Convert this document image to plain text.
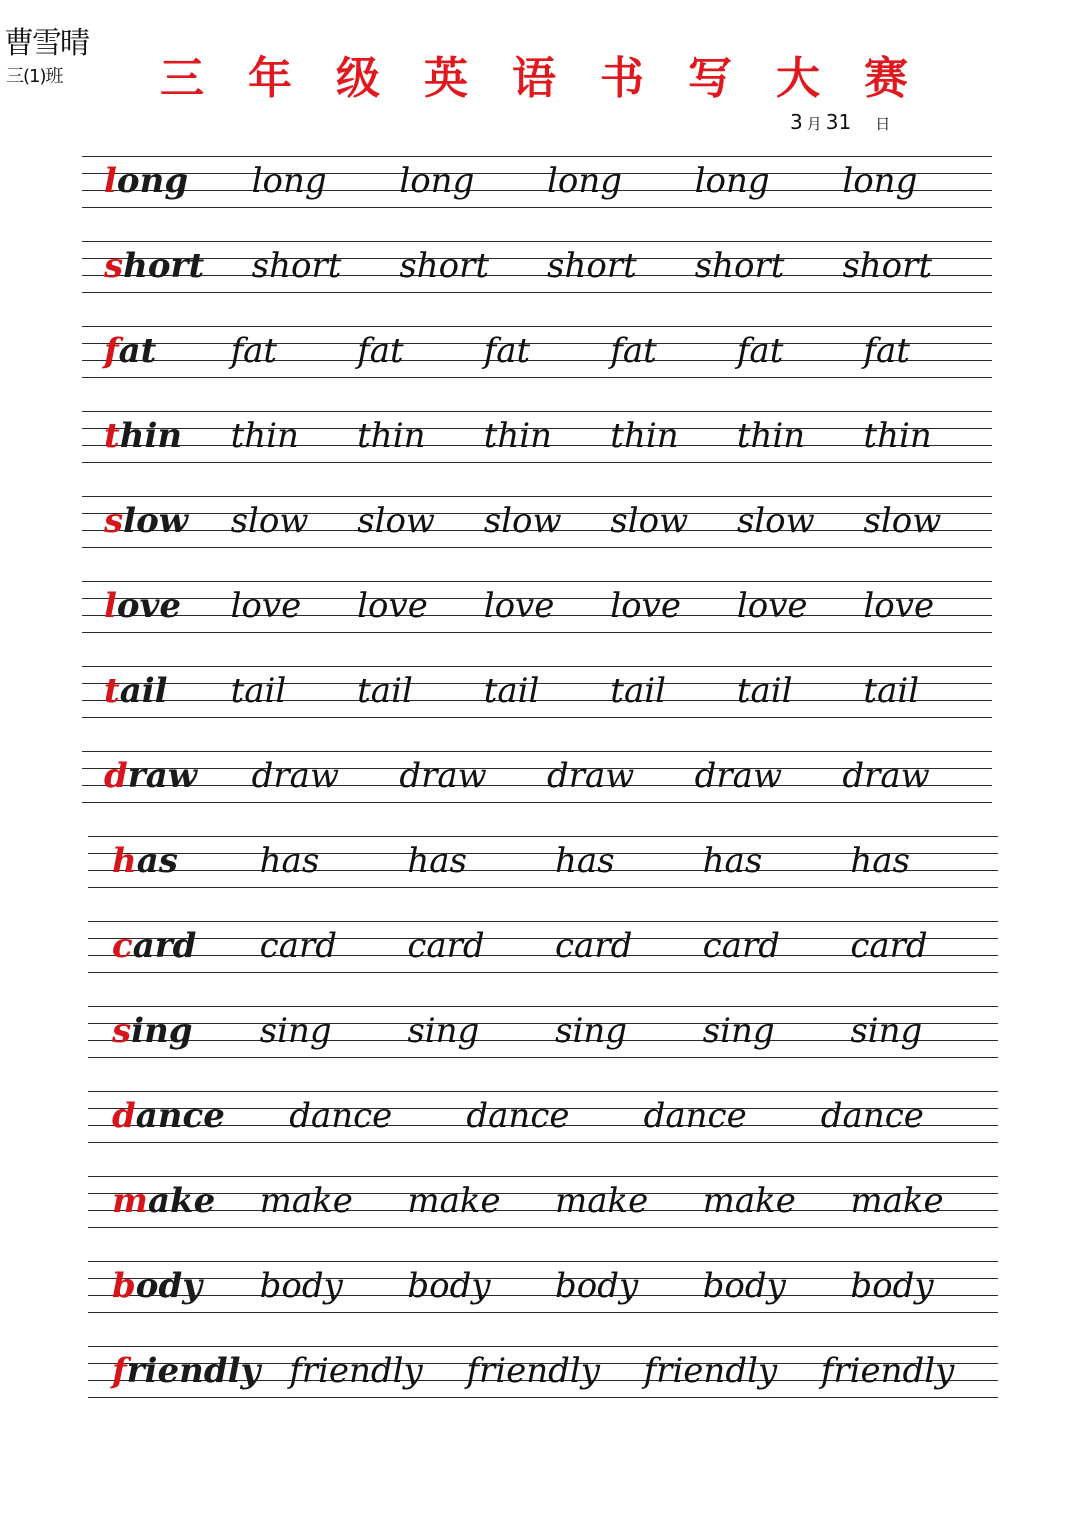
曹雪晴
三(1)班 三年级英语书写大赛
3 月 31 日
long long long long long long
short short short short short short
fat fat fat fat fat fat fat
thin thin thin thin thin thin thin
slow slow slow slow slow slow slow
love love love love love love love
tail tail tail tail tail tail tail
draw draw draw draw draw draw
has has	has	has	has	has
card card card card card card
sing sing sing sing sing sing
dance dance dance dance dance
make make make make make make
body body body body body body
friendly friendly friendly friendly friendly
